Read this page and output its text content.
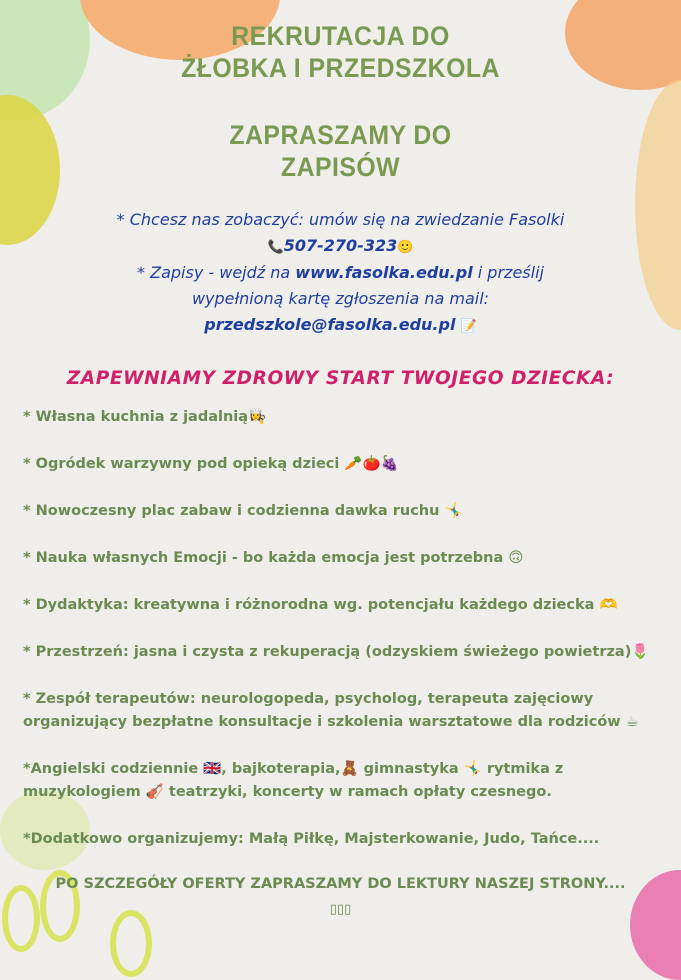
REKRUTACJA DO
ŻŁOBKA I PRZEDSZKOLA
ZAPRASZAMY DO
ZAPISÓW
* Chcesz nas zobaczyć: umów się na zwiedzanie Fasolki
📞507-270-323🙂
* Zapisy - wejdź na www.fasolka.edu.pl i prześlij
wypełnioną kartę zgłoszenia na mail:
przedszkole@fasolka.edu.pl 📝
ZAPEWNIAMY ZDROWY START TWOJEGO DZIECKA:
* Własna kuchnia z jadalnią👩‍🍳
* Ogródek warzywny pod opieką dzieci 🥕🍅🍇
* Nowoczesny plac zabaw i codzienna dawka ruchu 🤸‍♂️
* Nauka własnych Emocji - bo każda emocja jest potrzebna 🙃
* Dydaktyka: kreatywna i różnorodna wg. potencjału każdego dziecka 🫶
* Przestrzeń: jasna i czysta z rekuperacją (odzyskiem świeżego powietrza)🌷
* Zespół terapeutów: neurologopeda, psycholog, terapeuta zajęciowy organizujący bezpłatne konsultacje i szkolenia warsztatowe dla rodziców ☕
*Angielski codziennie 🇬🇧, bajkoterapia,🧸 gimnastyka 🤸‍♂️ rytmika z muzykologiem 🎻 teatrzyki, koncerty w ramach opłaty czesnego.
*Dodatkowo organizujemy: Małą Piłkę, Majsterkowanie, Judo, Tańce....
PO SZCZEGÓŁY OFERTY ZAPRASZAMY DO LEKTURY NASZEJ STRONY....
▯▯▯
